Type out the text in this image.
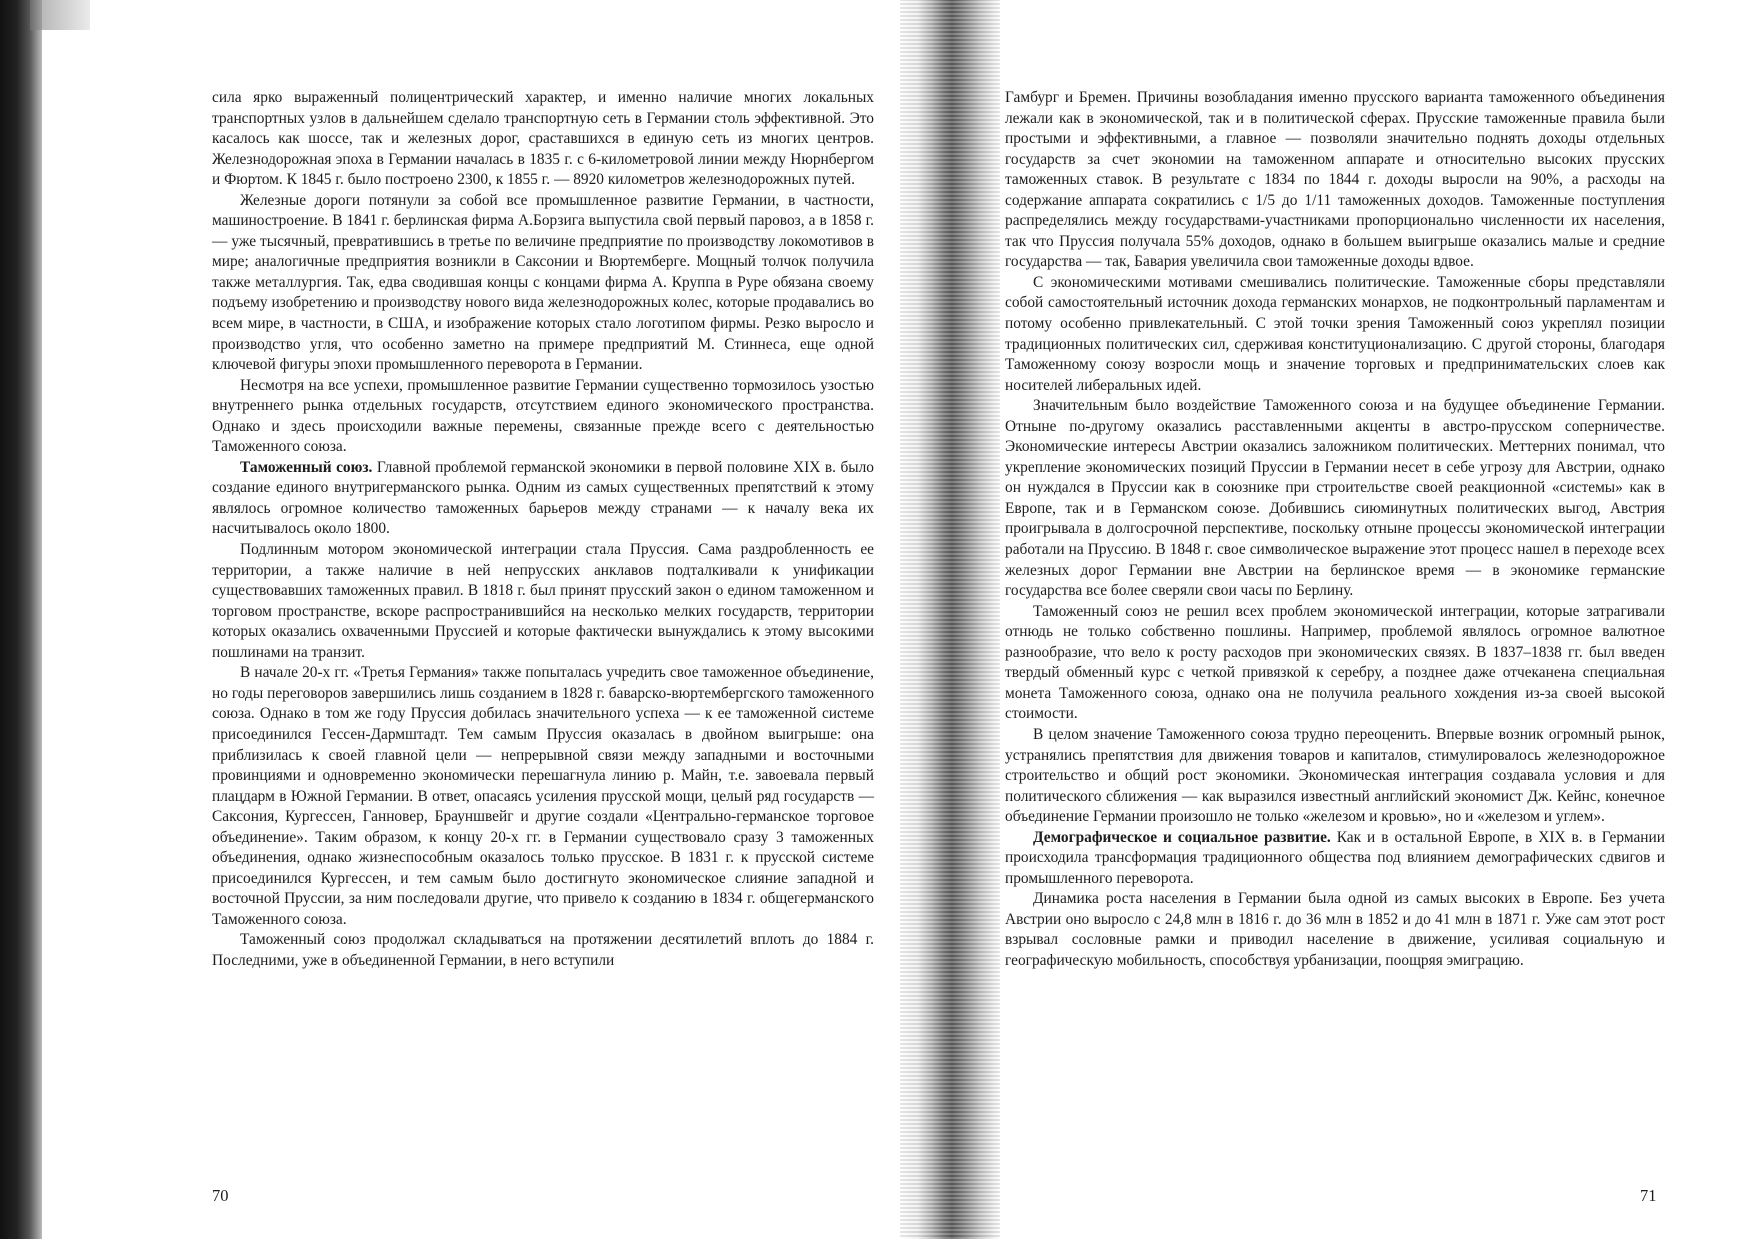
сила ярко выраженный полицентрический характер, и именно наличие многих локальных транспортных узлов в дальнейшем сделало транспортную сеть в Германии столь эффективной. Это касалось как шоссе, так и железных дорог, сраставшихся в единую сеть из многих центров. Железнодорожная эпоха в Германии началась в 1835 г. с 6-километровой линии между Нюрнбергом и Фюртом. К 1845 г. было построено 2300, к 1855 г. — 8920 километров железнодорожных путей.

Железные дороги потянули за собой все промышленное развитие Германии, в частности, машиностроение. В 1841 г. берлинская фирма А.Борзига выпустила свой первый паровоз, а в 1858 г. — уже тысячный, превратившись в третье по величине предприятие по производству локомотивов в мире; аналогичные предприятия возникли в Саксонии и Вюртемберге. Мощный толчок получила также металлургия. Так, едва сводившая концы с концами фирма А. Круппа в Руре обязана своему подъему изобретению и производству нового вида железнодорожных колес, которые продавались во всем мире, в частности, в США, и изображение которых стало логотипом фирмы. Резко выросло и производство угля, что особенно заметно на примере предприятий М. Стиннеса, еще одной ключевой фигуры эпохи промышленного переворота в Германии.

Несмотря на все успехи, промышленное развитие Германии существенно тормозилось узостью внутреннего рынка отдельных государств, отсутствием единого экономического пространства. Однако и здесь происходили важные перемены, связанные прежде всего с деятельностью Таможенного союза.

Таможенный союз. Главной проблемой германской экономики в первой половине XIX в. было создание единого внутригерманского рынка. Одним из самых существенных препятствий к этому являлось огромное количество таможенных барьеров между странами — к началу века их насчитывалось около 1800.

Подлинным мотором экономической интеграции стала Пруссия. Сама раздробленность ее территории, а также наличие в ней непрусских анклавов подталкивали к унификации существовавших таможенных правил. В 1818 г. был принят прусский закон о едином таможенном и торговом пространстве, вскоре распространившийся на несколько мелких государств, территории которых оказались охваченными Пруссией и которые фактически вынуждались к этому высокими пошлинами на транзит.

В начале 20-х гг. «Третья Германия» также попыталась учредить свое таможенное объединение, но годы переговоров завершились лишь созданием в 1828 г. баварско-вюртембергского таможенного союза. Однако в том же году Пруссия добилась значительного успеха — к ее таможенной системе присоединился Гессен-Дармштадт. Тем самым Пруссия оказалась в двойном выигрыше: она приблизилась к своей главной цели — непрерывной связи между западными и восточными провинциями и одновременно экономически перешагнула линию р. Майн, т.е. завоевала первый плацдарм в Южной Германии. В ответ, опасаясь усиления прусской мощи, целый ряд государств — Саксония, Кургессен, Ганновер, Брауншвейг и другие создали «Центрально-германское торговое объединение». Таким образом, к концу 20-х гг. в Германии существовало сразу 3 таможенных объединения, однако жизнеспособным оказалось только прусское. В 1831 г. к прусской системе присоединился Кургессен, и тем самым было достигнуто экономическое слияние западной и восточной Пруссии, за ним последовали другие, что привело к созданию в 1834 г. общегерманского Таможенного союза.

Таможенный союз продолжал складываться на протяжении десятилетий вплоть до 1884 г. Последними, уже в объединенной Германии, в него вступили

70

Гамбург и Бремен. Причины возобладания именно прусского варианта таможенного объединения лежали как в экономической, так и в политической сферах. Прусские таможенные правила были простыми и эффективными, а главное — позволяли значительно поднять доходы отдельных государств за счет экономии на таможенном аппарате и относительно высоких прусских таможенных ставок. В результате с 1834 по 1844 г. доходы выросли на 90%, а расходы на содержание аппарата сократились с 1/5 до 1/11 таможенных доходов. Таможенные поступления распределялись между государствами-участниками пропорционально численности их населения, так что Пруссия получала 55% доходов, однако в большем выигрыше оказались малые и средние государства — так, Бавария увеличила свои таможенные доходы вдвое.

С экономическими мотивами смешивались политические. Таможенные сборы представляли собой самостоятельный источник дохода германских монархов, не подконтрольный парламентам и потому особенно привлекательный. С этой точки зрения Таможенный союз укреплял позиции традиционных политических сил, сдерживая конституционализацию. С другой стороны, благодаря Таможенному союзу возросли мощь и значение торговых и предпринимательских слоев как носителей либеральных идей.

Значительным было воздействие Таможенного союза и на будущее объединение Германии. Отныне по-другому оказались расставленными акценты в австро-прусском соперничестве. Экономические интересы Австрии оказались заложником политических. Меттерних понимал, что укрепление экономических позиций Пруссии в Германии несет в себе угрозу для Австрии, однако он нуждался в Пруссии как в союзнике при строительстве своей реакционной «системы» как в Европе, так и в Германском союзе. Добившись сиюминутных политических выгод, Австрия проигрывала в долгосрочной перспективе, поскольку отныне процессы экономической интеграции работали на Пруссию. В 1848 г. свое символическое выражение этот процесс нашел в переходе всех железных дорог Германии вне Австрии на берлинское время — в экономике германские государства все более сверяли свои часы по Берлину.

Таможенный союз не решил всех проблем экономической интеграции, которые затрагивали отнюдь не только собственно пошлины. Например, проблемой являлось огромное валютное разнообразие, что вело к росту расходов при экономических связях. В 1837–1838 гг. был введен твердый обменный курс с четкой привязкой к серебру, а позднее даже отчеканена специальная монета Таможенного союза, однако она не получила реального хождения из-за своей высокой стоимости.

В целом значение Таможенного союза трудно переоценить. Впервые возник огромный рынок, устранялись препятствия для движения товаров и капиталов, стимулировалось железнодорожное строительство и общий рост экономики. Экономическая интеграция создавала условия и для политического сближения — как выразился известный английский экономист Дж. Кейнс, конечное объединение Германии произошло не только «железом и кровью», но и «железом и углем».

Демографическое и социальное развитие. Как и в остальной Европе, в XIX в. в Германии происходила трансформация традиционного общества под влиянием демографических сдвигов и промышленного переворота.

Динамика роста населения в Германии была одной из самых высоких в Европе. Без учета Австрии оно выросло с 24,8 млн в 1816 г. до 36 млн в 1852 и до 41 млн в 1871 г. Уже сам этот рост взрывал сословные рамки и приводил население в движение, усиливая социальную и географическую мобильность, способствуя урбанизации, поощряя эмиграцию.

71
